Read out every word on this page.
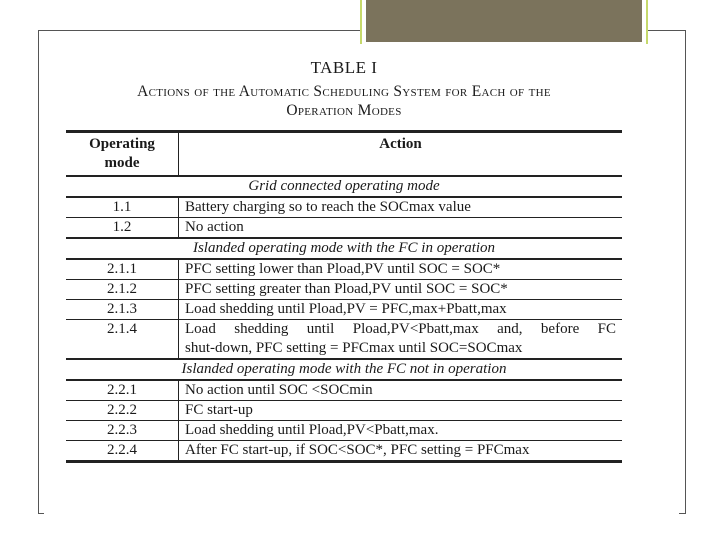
TABLE I
Actions of the Automatic Scheduling System for Each of the
Operation Modes
Operating mode	Action
Grid connected operating mode	
1.1	Battery charging so to reach the SOCmax value
1.2	No action
Islanded operating mode with the FC in operation	
2.1.1	PFC setting lower than Pload,PV until SOC = SOC*
2.1.2	PFC setting greater than Pload,PV until SOC = SOC*
2.1.3	Load shedding until Pload,PV = PFC,max+Pbatt,max
2.1.4	Load shedding until Pload,PV<Pbatt,max and, before FC
shut-down, PFC setting = PFCmax until SOC=SOCmax

Islanded operating mode with the FC not in operation	
2.2.1	No action until SOC <SOCmin
2.2.2	FC start-up
2.2.3	Load shedding until Pload,PV<Pbatt,max.
2.2.4	After FC start-up, if SOC<SOC*, PFC setting = PFCmax
